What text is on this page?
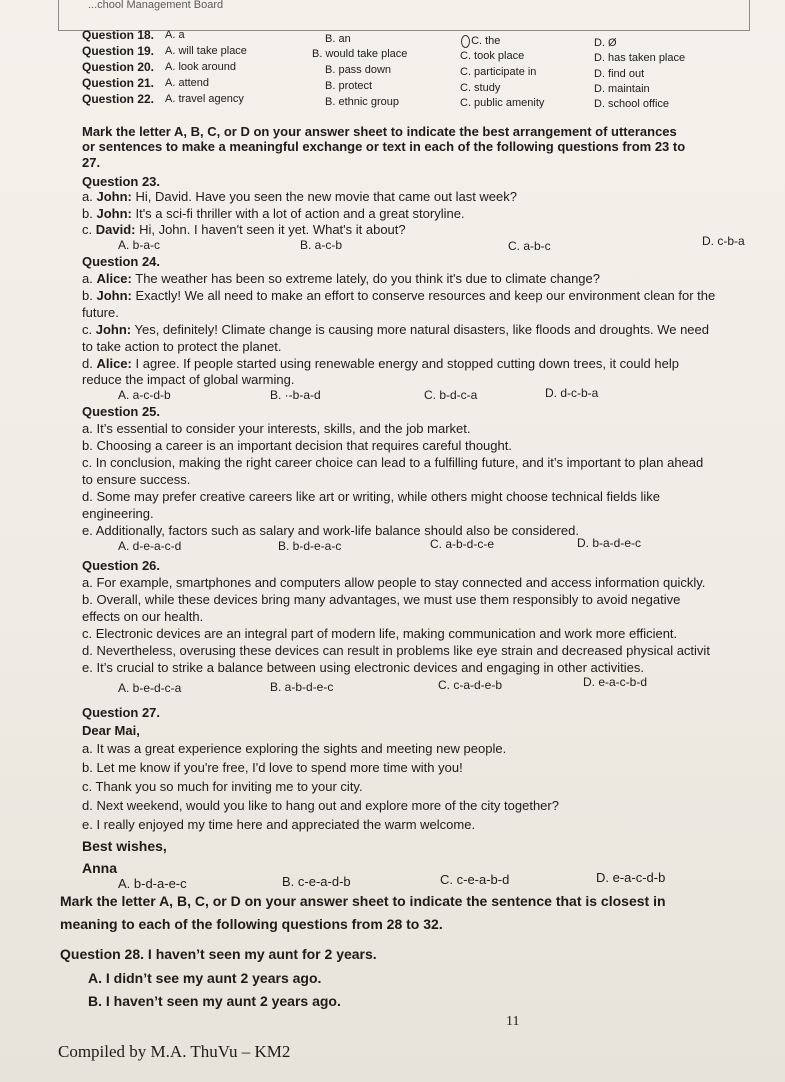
...chool Management Board
Question 18. A. a	B. an	C. the	D. Ø
Question 19. A. will take place	B. would take place	C. took place	D. has taken place
Question 20. A. look around	B. pass down	C. participate in	D. find out
Question 21. A. attend	B. protect	C. study	D. maintain
Question 22. A. travel agency	B. ethnic group	C. public amenity	D. school office
Mark the letter A, B, C, or D on your answer sheet to indicate the best arrangement of utterances
or sentences to make a meaningful exchange or text in each of the following questions from 23 to
27.
Question 23.
a. John: Hi, David. Have you seen the new movie that came out last week?
b. John: It's a sci-fi thriller with a lot of action and a great storyline.
c. David: Hi, John. I haven't seen it yet. What's it about?
A. b-a-c	B. a-c-b	C. a-b-c	D. c-b-a
Question 24.
a. Alice: The weather has been so extreme lately, do you think it's due to climate change?
b. John: Exactly! We all need to make an effort to conserve resources and keep our environment clean for the
future.
c. John: Yes, definitely! Climate change is causing more natural disasters, like floods and droughts. We need
to take action to protect the planet.
d. Alice: I agree. If people started using renewable energy and stopped cutting down trees, it could help
reduce the impact of global warming.
A. a-c-d-b	B. ·-b-a-d	C. b-d-c-a	D. d-c-b-a
Question 25.
a. It’s essential to consider your interests, skills, and the job market.
b. Choosing a career is an important decision that requires careful thought.
c. In conclusion, making the right career choice can lead to a fulfilling future, and it’s important to plan ahead
to ensure success.
d. Some may prefer creative careers like art or writing, while others might choose technical fields like
engineering.
e. Additionally, factors such as salary and work-life balance should also be considered.
A. d-e-a-c-d	B. b-d-e-a-c	C. a-b-d-c-e	D. b-a-d-e-c
Question 26.
a. For example, smartphones and computers allow people to stay connected and access information quickly.
b. Overall, while these devices bring many advantages, we must use them responsibly to avoid negative
effects on our health.
c. Electronic devices are an integral part of modern life, making communication and work more efficient.
d. Nevertheless, overusing these devices can result in problems like eye strain and decreased physical activit
e. It’s crucial to strike a balance between using electronic devices and engaging in other activities.
A. b-e-d-c-a	B. a-b-d-e-c	C. c-a-d-e-b	D. e-a-c-b-d
Question 27.
Dear Mai,
a. It was a great experience exploring the sights and meeting new people.
b. Let me know if you're free, I'd love to spend more time with you!
c. Thank you so much for inviting me to your city.
d. Next weekend, would you like to hang out and explore more of the city together?
e. I really enjoyed my time here and appreciated the warm welcome.
Best wishes,
Anna
A. b-d-a-e-c	B. c-e-a-d-b	C. c-e-a-b-d	D. e-a-c-d-b
Mark the letter A, B, C, or D on your answer sheet to indicate the sentence that is closest in
meaning to each of the following questions from 28 to 32.
Question 28. I haven’t seen my aunt for 2 years.
A. I didn’t see my aunt 2 years ago.
B. I haven’t seen my aunt 2 years ago.
11
Compiled by M.A. ThuVu – KM2
